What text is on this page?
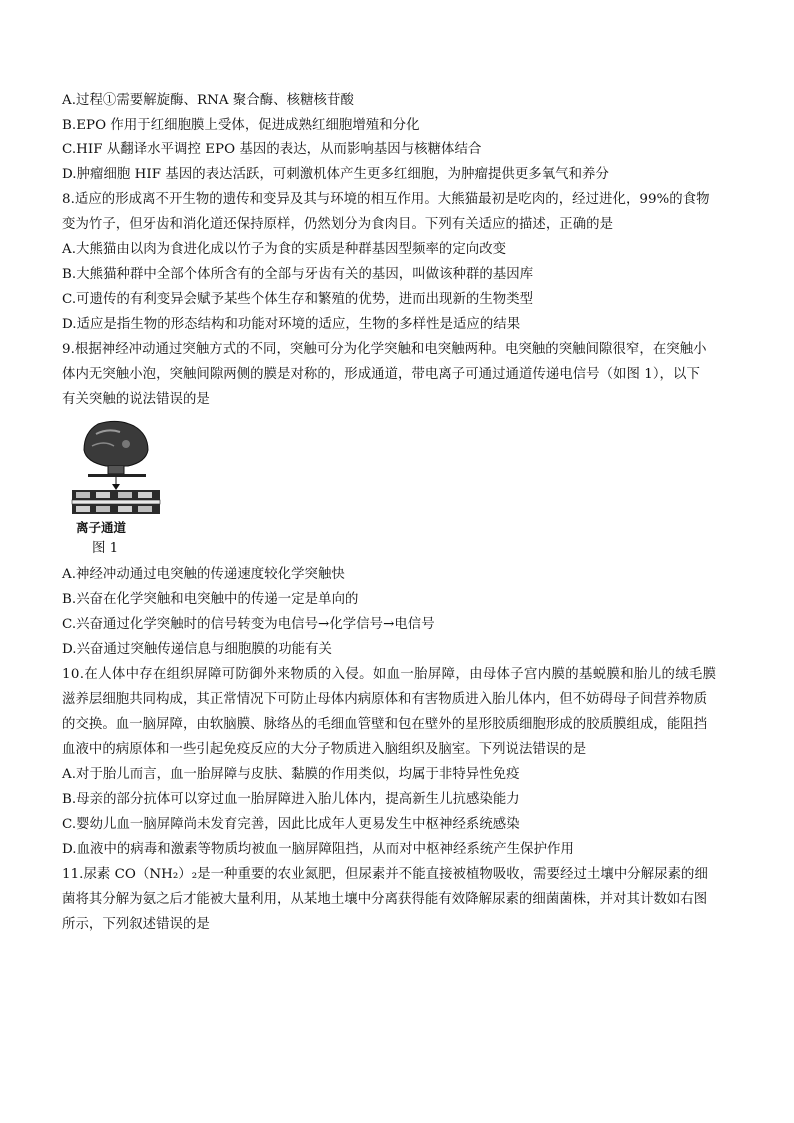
A.过程①需要解旋酶、RNA 聚合酶、核糖核苷酸
B.EPO 作用于红细胞膜上受体，促进成熟红细胞增殖和分化
C.HIF 从翻译水平调控 EPO 基因的表达，从而影响基因与核糖体结合
D.肿瘤细胞 HIF 基因的表达活跃，可刺激机体产生更多红细胞，为肿瘤提供更多氧气和养分
8.适应的形成离不开生物的遗传和变异及其与环境的相互作用。大熊猫最初是吃肉的，经过进化，99%的食物
变为竹子，但牙齿和消化道还保持原样，仍然划分为食肉目。下列有关适应的描述，正确的是
A.大熊猫由以肉为食进化成以竹子为食的实质是种群基因型频率的定向改变
B.大熊猫种群中全部个体所含有的全部与牙齿有关的基因，叫做该种群的基因库
C.可遗传的有利变异会赋予某些个体生存和繁殖的优势，进而出现新的生物类型
D.适应是指生物的形态结构和功能对环境的适应，生物的多样性是适应的结果
9.根据神经冲动通过突触方式的不同，突触可分为化学突触和电突触两种。电突触的突触间隙很窄，在突触小
体内无突触小泡，突触间隙两侧的膜是对称的，形成通道，带电离子可通过通道传递电信号（如图 1），以下
有关突触的说法错误的是
离子通道
图 1
A.神经冲动通过电突触的传递速度较化学突触快
B.兴奋在化学突触和电突触中的传递一定是单向的
C.兴奋通过化学突触时的信号转变为电信号→化学信号→电信号
D.兴奋通过突触传递信息与细胞膜的功能有关
10.在人体中存在组织屏障可防御外来物质的入侵。如血一胎屏障，由母体子宫内膜的基蜕膜和胎儿的绒毛膜
滋养层细胞共同构成，其正常情况下可防止母体内病原体和有害物质进入胎儿体内，但不妨碍母子间营养物质
的交换。血一脑屏障，由软脑膜、脉络丛的毛细血管壁和包在壁外的星形胶质细胞形成的胶质膜组成，能阻挡
血液中的病原体和一些引起免疫反应的大分子物质进入脑组织及脑室。下列说法错误的是
A.对于胎儿而言，血一胎屏障与皮肤、黏膜的作用类似，均属于非特异性免疫
B.母亲的部分抗体可以穿过血一胎屏障进入胎儿体内，提高新生儿抗感染能力
C.婴幼儿血一脑屏障尚未发育完善，因此比成年人更易发生中枢神经系统感染
D.血液中的病毒和激素等物质均被血一脑屏障阻挡，从而对中枢神经系统产生保护作用
11.尿素 CO（NH₂）₂是一种重要的农业氮肥，但尿素并不能直接被植物吸收，需要经过土壤中分解尿素的细
菌将其分解为氨之后才能被大量利用，从某地土壤中分离获得能有效降解尿素的细菌菌株，并对其计数如右图
所示，下列叙述错误的是
